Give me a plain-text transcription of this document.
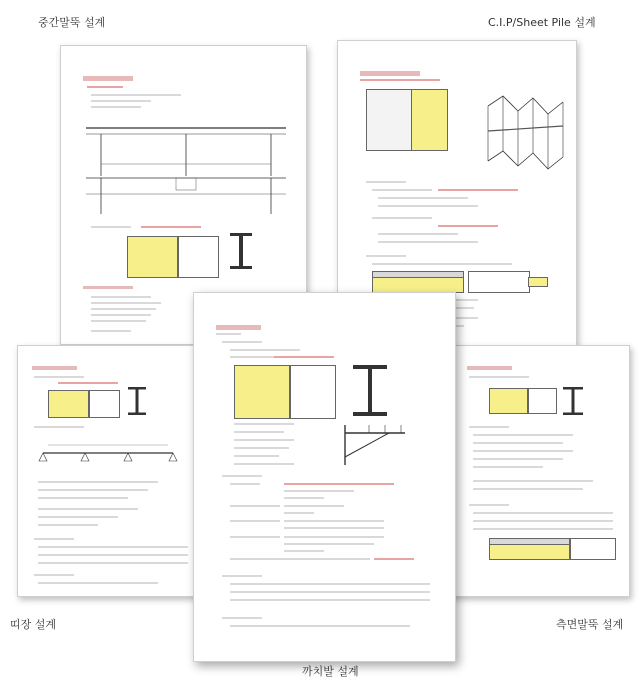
중간말뚝 설계	C.I.P/Sheet Pile 설계
띠장 설계
까치발 설계
측면말뚝 설계
